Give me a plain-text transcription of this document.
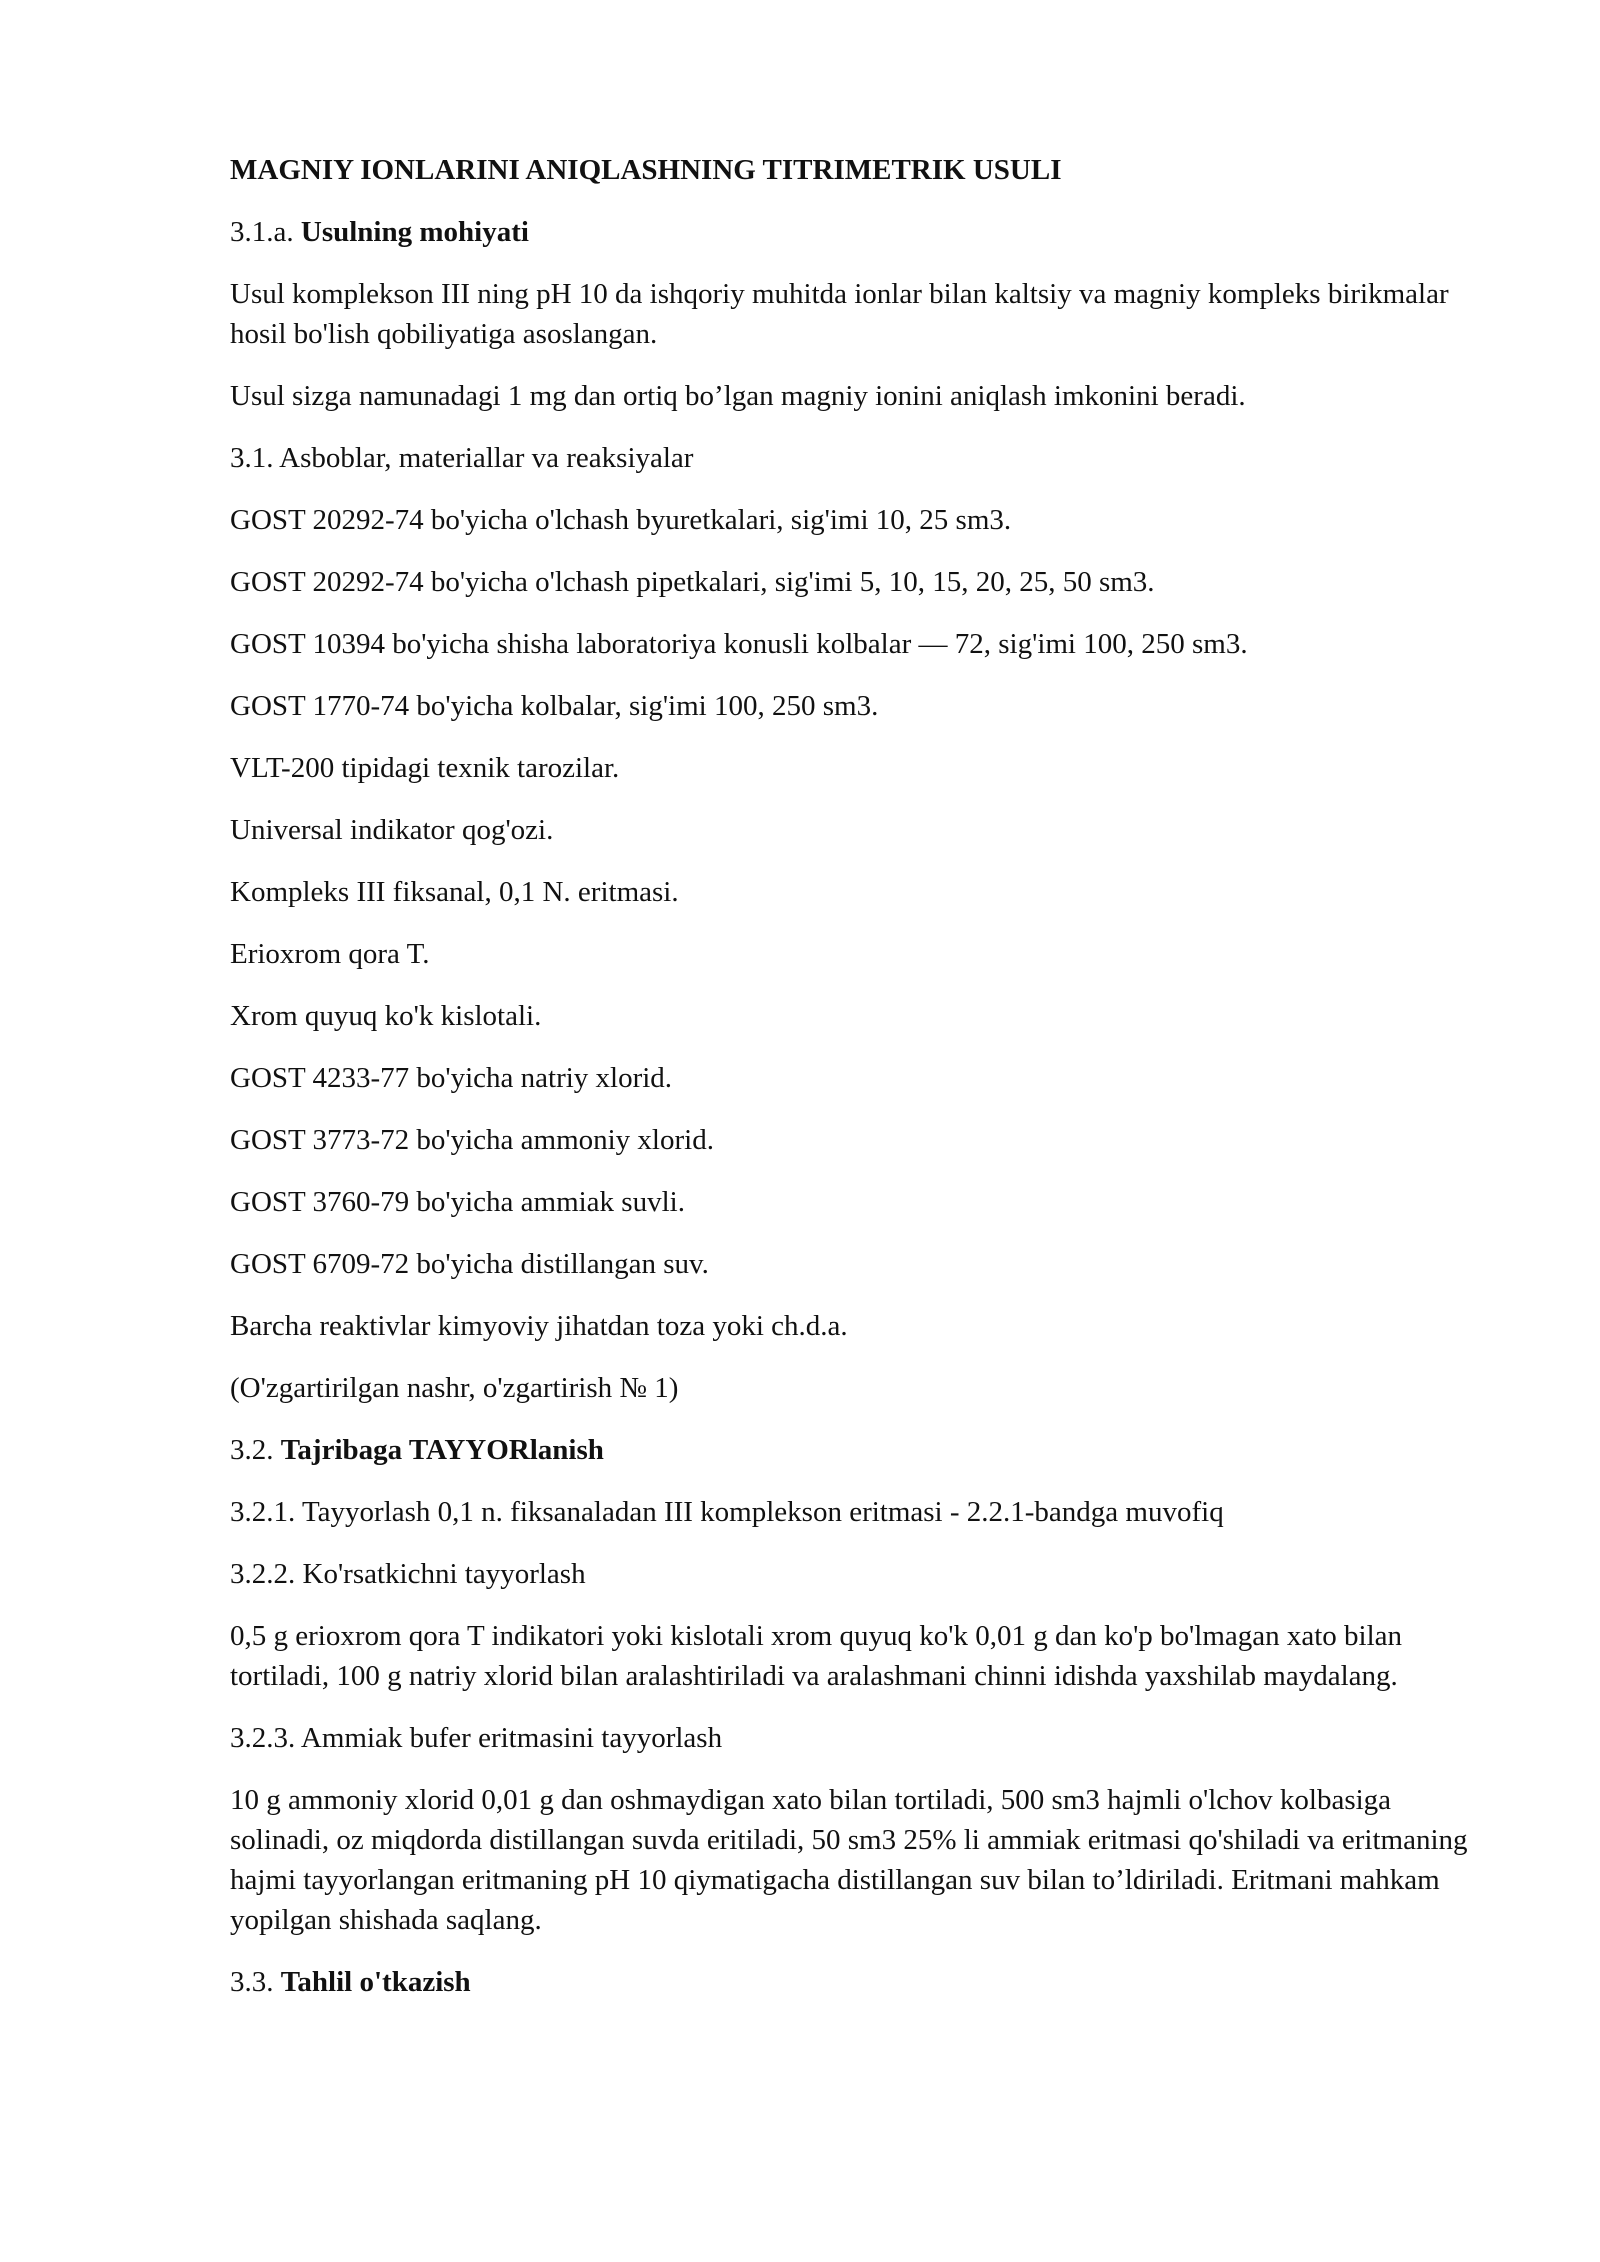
MAGNIY IONLARINI ANIQLASHNING TITRIMETRIK USULI

3.1.a. Usulning mohiyati

Usul komplekson III ning pH 10 da ishqoriy muhitda ionlar bilan kaltsiy va magniy kompleks birikmalar hosil bo'lish qobiliyatiga asoslangan.

Usul sizga namunadagi 1 mg dan ortiq bo’lgan magniy ionini aniqlash imkonini beradi.

3.1. Asboblar, materiallar va reaksiyalar

GOST 20292-74 bo'yicha o'lchash byuretkalari, sig'imi 10, 25 sm3.

GOST 20292-74 bo'yicha o'lchash pipetkalari, sig'imi 5, 10, 15, 20, 25, 50 sm3.

GOST 10394 bo'yicha shisha laboratoriya konusli kolbalar — 72, sig'imi 100, 250 sm3.

GOST 1770-74 bo'yicha kolbalar, sig'imi 100, 250 sm3.

VLT-200 tipidagi texnik tarozilar.

Universal indikator qog'ozi.

Kompleks III fiksanal, 0,1 N. eritmasi.

Erioxrom qora T.

Xrom quyuq ko'k kislotali.

GOST 4233-77 bo'yicha natriy xlorid.

GOST 3773-72 bo'yicha ammoniy xlorid.

GOST 3760-79 bo'yicha ammiak suvli.

GOST 6709-72 bo'yicha distillangan suv.

Barcha reaktivlar kimyoviy jihatdan toza yoki ch.d.a.

(O'zgartirilgan nashr, o'zgartirish № 1)

3.2. Tajribaga TAYYORlanish

3.2.1. Tayyorlash 0,1 n. fiksanaladan III komplekson eritmasi - 2.2.1-bandga muvofiq

3.2.2. Ko'rsatkichni tayyorlash

0,5 g erioxrom qora T indikatori yoki kislotali xrom quyuq ko'k 0,01 g dan ko'p bo'lmagan xato bilan tortiladi, 100 g natriy xlorid bilan aralashtiriladi va aralashmani chinni idishda yaxshilab maydalang.

3.2.3. Ammiak bufer eritmasini tayyorlash

10 g ammoniy xlorid 0,01 g dan oshmaydigan xato bilan tortiladi, 500 sm3 hajmli o'lchov kolbasiga solinadi, oz miqdorda distillangan suvda eritiladi, 50 sm3 25% li ammiak eritmasi qo'shiladi va eritmaning hajmi tayyorlangan eritmaning pH 10 qiymatigacha distillangan suv bilan to’ldiriladi. Eritmani mahkam yopilgan shishada saqlang.

3.3. Tahlil o'tkazish
